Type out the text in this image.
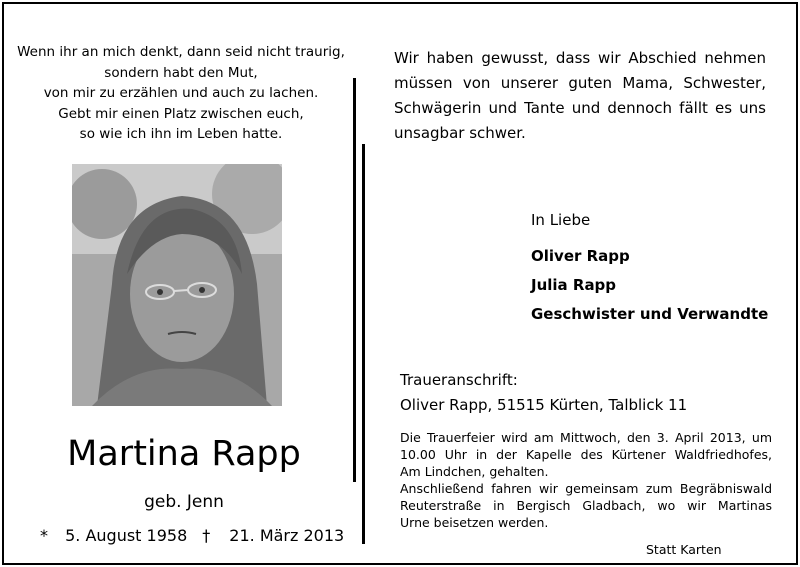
Wenn ihr an mich denkt, dann seid nicht traurig,
sondern habt den Mut,
von mir zu erzählen und auch zu lachen.
Gebt mir einen Platz zwischen euch,
so wie ich ihn im Leben hatte.
Martina Rapp
geb. Jenn
* 5. August 1958 † 21. März 2013
Wir haben gewusst, dass wir Abschied nehmen
müssen von unserer guten Mama, Schwester,
Schwägerin und Tante und dennoch fällt es uns
unsagbar schwer.
In Liebe
Oliver Rapp
Julia Rapp
Geschwister und Verwandte
Traueranschrift:
Oliver Rapp, 51515 Kürten, Talblick 11
Die Trauerfeier wird am Mittwoch, den 3. April 2013, um
10.00 Uhr in der Kapelle des Kürtener Waldfriedhofes,
Am Lindchen, gehalten.
Anschließend fahren wir gemeinsam zum Begräbniswald
Reuterstraße in Bergisch Gladbach, wo wir Martinas
Urne beisetzen werden.
Statt Karten
